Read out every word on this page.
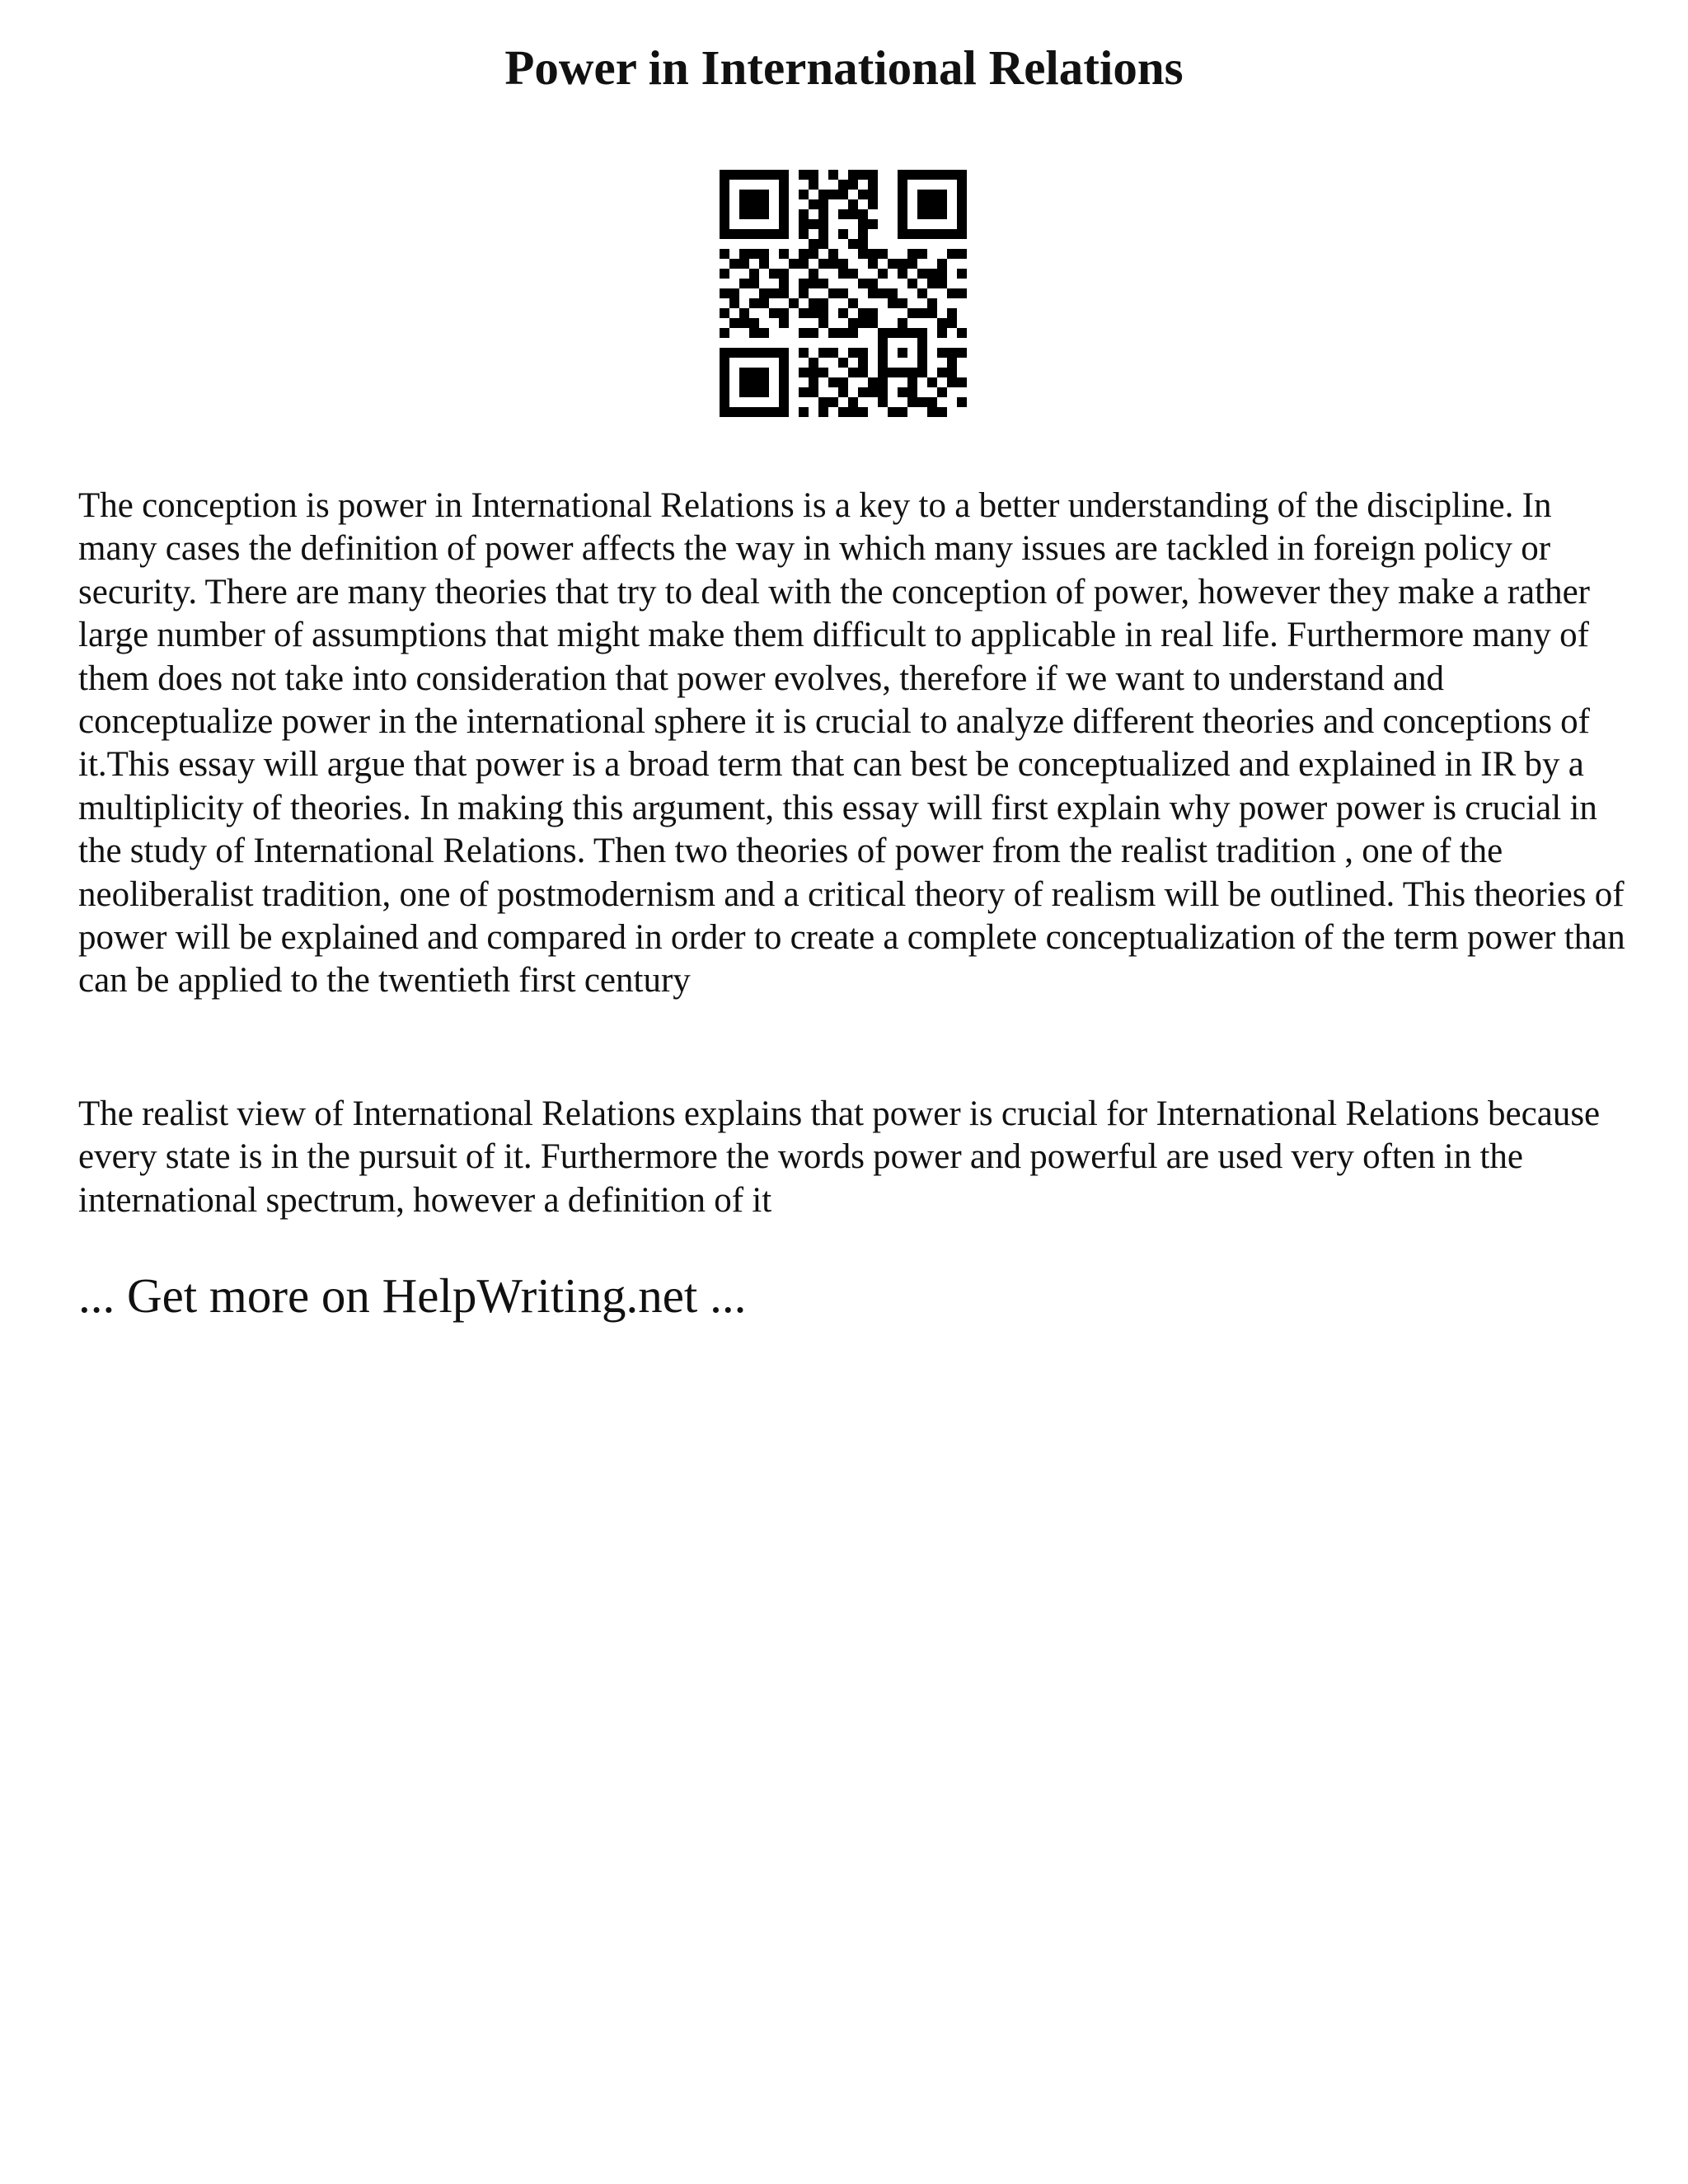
Power in International Relations

The conception is power in International Relations is a key to a better understanding of the discipline. In many cases the definition of power affects the way in which many issues are tackled in foreign policy or security. There are many theories that try to deal with the conception of power, however they make a rather large number of assumptions that might make them difficult to applicable in real life. Furthermore many of them does not take into consideration that power evolves, therefore if we want to understand and conceptualize power in the international sphere it is crucial to analyze different theories and conceptions of it.This essay will argue that power is a broad term that can best be conceptualized and explained in IR by a multiplicity of theories. In making this argument, this essay will first explain why power power is crucial in the study of International Relations. Then two theories of power from the realist tradition , one of the neoliberalist tradition, one of postmodernism and a critical theory of realism will be outlined. This theories of power will be explained and compared in order to create a complete conceptualization of the term power than can be applied to the twentieth first century

The realist view of International Relations explains that power is crucial for International Relations because every state is in the pursuit of it. Furthermore the words power and powerful are used very often in the international spectrum, however a definition of it

... Get more on HelpWriting.net ...
